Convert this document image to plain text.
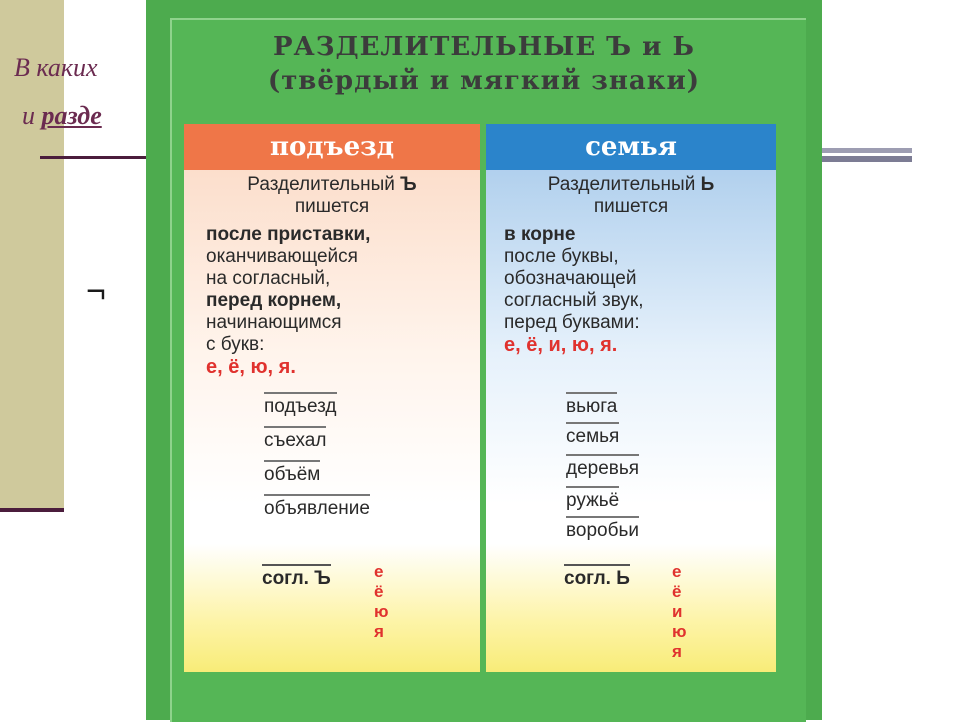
В каких
и разде
¬
РАЗДЕЛИТЕЛЬНЫЕ Ъ и Ь
(твёрдый и мягкий знаки)
подъезд
Разделительный Ъ
пишется
после приставки,
оканчивающейся
на согласный,
перед корнем,
начинающимся
с букв:
е, ё, ю, я.
подъезд
съехал
объём
объявление
согл. Ъ	е
ё
ю
я
семья
Разделительный Ь
пишется
в корне
после буквы,
обозначающей
согласный звук,
перед буквами:
е, ё, и, ю, я.
вьюга
семья
деревья
ружьё
воробьи
согл. Ь е
ё
и
ю
я
